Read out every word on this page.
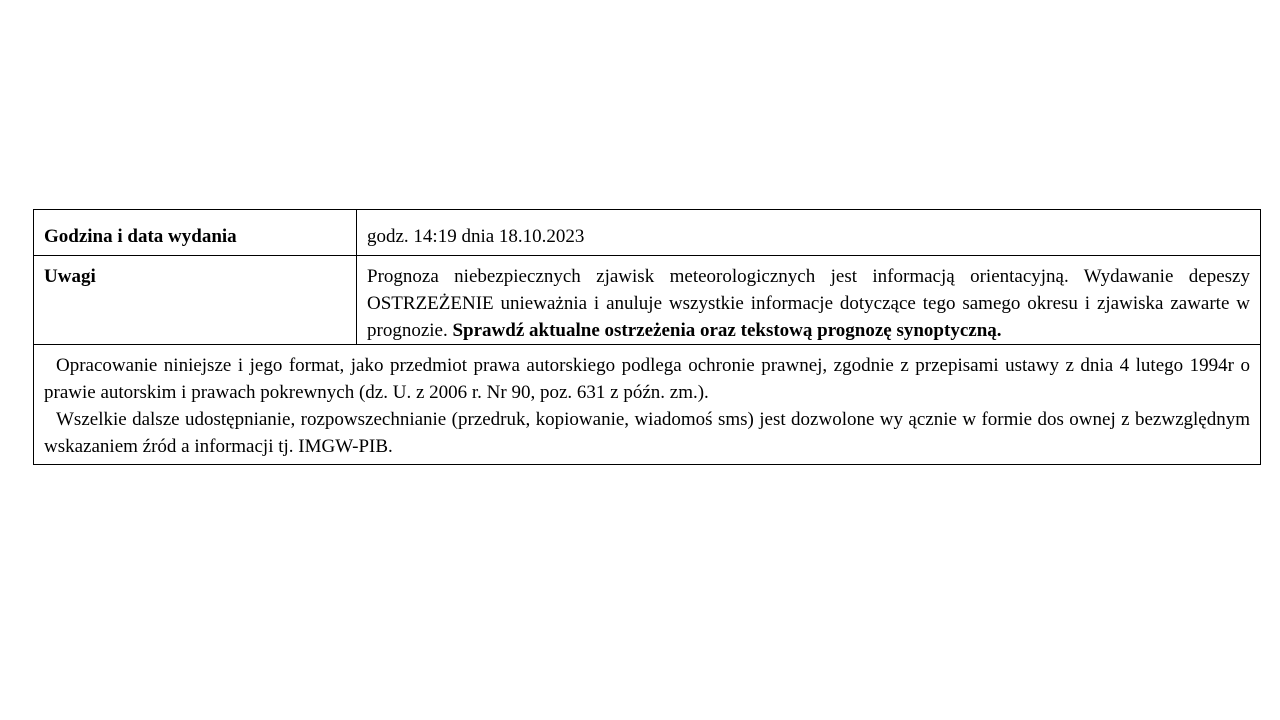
Godzina i data wydania	godz. 14:19 dnia 18.10.2023
Uwagi	Prognoza niebezpiecznych zjawisk meteorologicznych jest informacją orientacyjną. Wydawanie depeszy OSTRZEŻENIE unieważnia i anuluje wszystkie informacje dotyczące tego samego okresu i zjawiska zawarte w prognozie. Sprawdź aktualne ostrzeżenia oraz tekstową prognozę synoptyczną.

Opracowanie niniejsze i jego format, jako przedmiot prawa autorskiego podlega ochronie prawnej, zgodnie z przepisami ustawy z dnia 4 lutego 1994r o prawie autorskim i prawach pokrewnych (dz. U. z 2006 r. Nr 90, poz. 631 z późn. zm.).
Wszelkie dalsze udostępnianie, rozpowszechnianie (przedruk, kopiowanie, wiadomoś sms) jest dozwolone wy ącznie w formie dos ownej z bezwzględnym wskazaniem źród a informacji tj. IMGW-PIB.	
